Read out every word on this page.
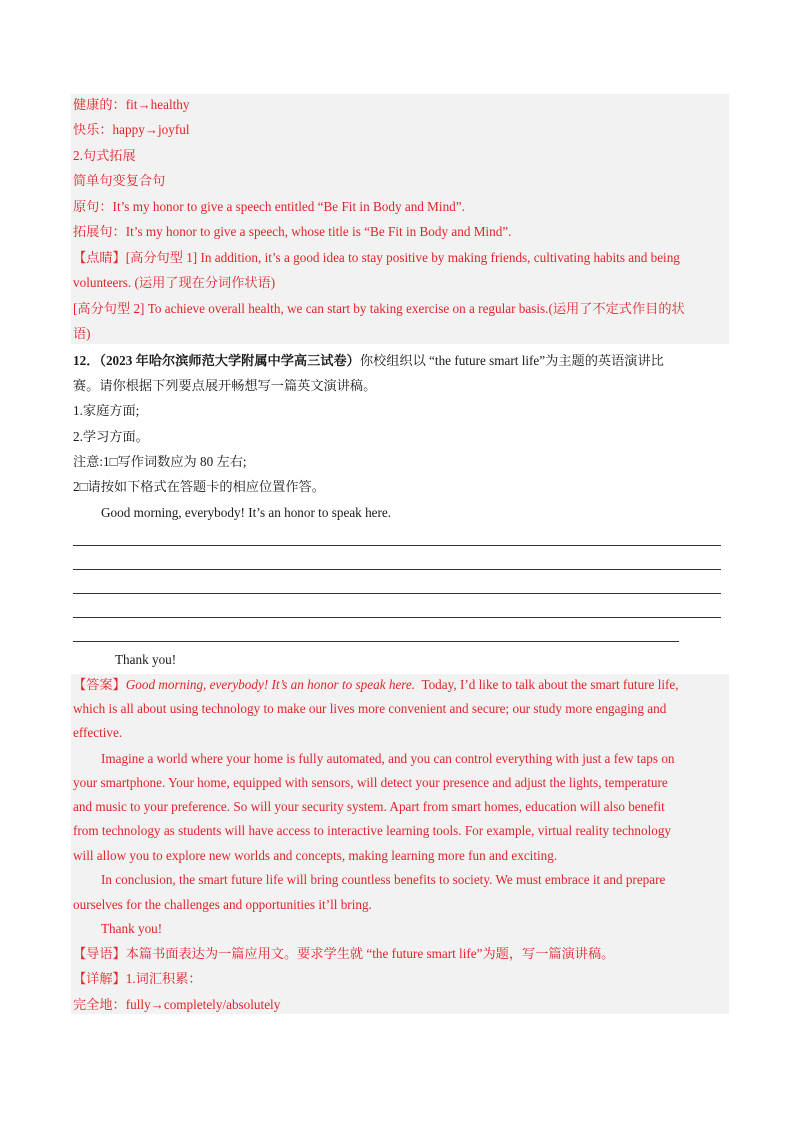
健康的：fit→healthy
快乐：happy→joyful
2.句式拓展
简单句变复合句
原句：It’s my honor to give a speech entitled “Be Fit in Body and Mind”.
拓展句：It’s my honor to give a speech, whose title is “Be Fit in Body and Mind”.
【点睛】[高分句型 1] In addition, it’s a good idea to stay positive by making friends, cultivating habits and being
volunteers. (运用了现在分词作状语)
[高分句型 2] To achieve overall health, we can start by taking exercise on a regular basis.(运用了不定式作目的状
语)
12．（2023 年哈尔滨师范大学附属中学高三试卷）你校组织以 “the future smart life”为主题的英语演讲比
赛。请你根据下列要点展开畅想写一篇英文演讲稿。
1.家庭方面;
2.学习方面。
注意:1□写作词数应为 80 左右;
2□请按如下格式在答题卡的相应位置作答。
Good morning, everybody! It’s an honor to speak here.
Thank you!
【答案】Good morning, everybody! It’s an honor to speak here.  Today, I’d like to talk about the smart future life,
which is all about using technology to make our lives more convenient and secure; our study more engaging and
effective.
Imagine a world where your home is fully automated, and you can control everything with just a few taps on
your smartphone. Your home, equipped with sensors, will detect your presence and adjust the lights, temperature
and music to your preference. So will your security system. Apart from smart homes, education will also benefit
from technology as students will have access to interactive learning tools. For example, virtual reality technology
will allow you to explore new worlds and concepts, making learning more fun and exciting.
In conclusion, the smart future life will bring countless benefits to society. We must embrace it and prepare
ourselves for the challenges and opportunities it’ll bring.
Thank you!
【导语】本篇书面表达为一篇应用文。要求学生就 “the future smart life”为题，写一篇演讲稿。
【详解】1.词汇积累：
完全地：fully→completely/absolutely
